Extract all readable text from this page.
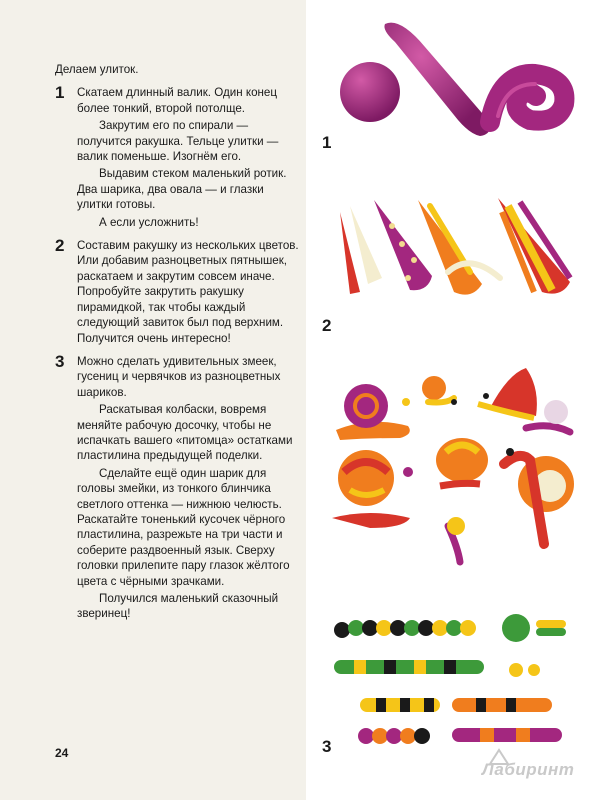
Делаем улиток.

1 Скатаем длинный валик. Один конец более тонкий, второй потолще.

Закрутим его по спирали — получится ракушка. Тельце улитки — валик поменьше. Изогнём его.

Выдавим стеком маленький ротик. Два шарика, два овала — и глазки улитки готовы.

А если усложнить!

2 Составим ракушку из нескольких цветов. Или добавим разноцветных пятнышек, раскатаем и закрутим совсем иначе. Попробуйте закрутить ракушку пирамидкой, так чтобы каждый следующий завиток был под верхним. Получится очень интересно!

3 Можно сделать удивительных змеек, гусениц и червячков из разноцветных шариков.

Раскатывая колбаски, вовремя меняйте рабочую досочку, чтобы не испачкать вашего «питомца» остатками пластилина предыдущей поделки.

Сделайте ещё один шарик для головы змейки, из тонкого блинчика светлого оттенка — нижнюю челюсть. Раскатайте тоненький кусочек чёрного пластилина, разрежьте на три части и соберите раздвоенный язык. Сверху головки прилепите пару глазок жёлтого цвета с чёрными зрачками.

Получился маленький сказочный зверинец!

24
1
2
3
Лабиринт
